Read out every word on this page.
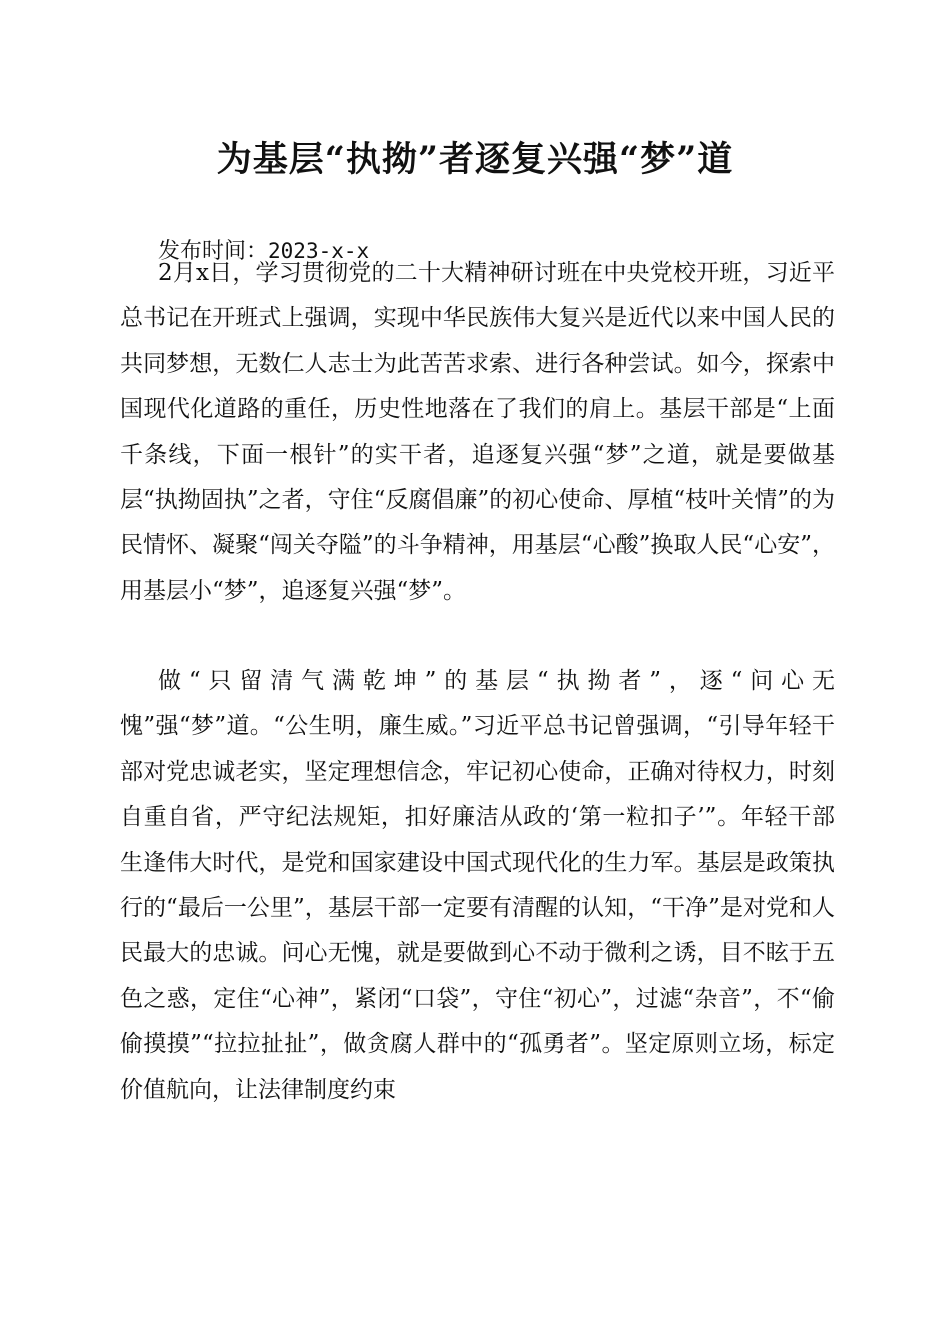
为基层“执拗”者逐复兴强“梦”道

发布时间：2023-x-x

2月x日，学习贯彻党的二十大精神研讨班在中央党校开班，习近平总书记在开班式上强调，实现中华民族伟大复兴是近代以来中国人民的共同梦想，无数仁人志士为此苦苦求索、进行各种尝试。如今，探索中国现代化道路的重任，历史性地落在了我们的肩上。基层干部是“上面千条线，下面一根针”的实干者，追逐复兴强“梦”之道，就是要做基层“执拗固执”之者，守住“反腐倡廉”的初心使命、厚植“枝叶关情”的为民情怀、凝聚“闯关夺隘”的斗争精神，用基层“心酸”换取人民“心安”，用基层小“梦”，追逐复兴强“梦”。

做“只留清气满乾坤”的基层“执拗者”，逐“问心无愧”强“梦”道。“公生明，廉生威。”习近平总书记曾强调，“引导年轻干部对党忠诚老实，坚定理想信念，牢记初心使命，正确对待权力，时刻自重自省，严守纪法规矩，扣好廉洁从政的‘第一粒扣子’”。年轻干部生逢伟大时代，是党和国家建设中国式现代化的生力军。基层是政策执行的“最后一公里”，基层干部一定要有清醒的认知，“干净”是对党和人民最大的忠诚。问心无愧，就是要做到心不动于微利之诱，目不眩于五色之惑，定住“心神”，紧闭“口袋”，守住“初心”，过滤“杂音”，不“偷偷摸摸”“拉拉扯扯”，做贪腐人群中的“孤勇者”。坚定原则立场，标定价值航向，让法律制度约束
